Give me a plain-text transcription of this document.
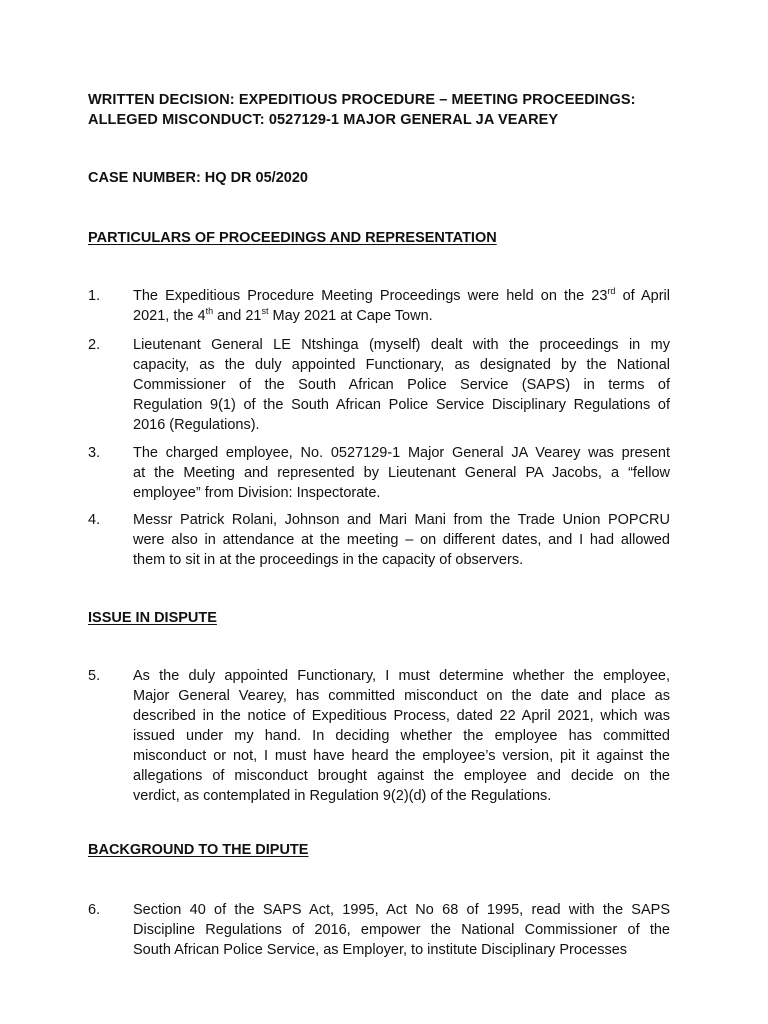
WRITTEN DECISION: EXPEDITIOUS PROCEDURE – MEETING PROCEEDINGS:
ALLEGED MISCONDUCT: 0527129-1 MAJOR GENERAL JA VEAREY
CASE NUMBER: HQ DR 05/2020
PARTICULARS OF PROCEEDINGS AND REPRESENTATION
1.	The Expeditious Procedure Meeting Proceedings were held on the 23rd of April
2021, the 4th and 21st May 2021 at Cape Town.
2.	Lieutenant General LE Ntshinga (myself) dealt with the proceedings in my
capacity, as the duly appointed Functionary, as designated by the National
Commissioner of the South African Police Service (SAPS) in terms of
Regulation 9(1) of the South African Police Service Disciplinary Regulations of
2016 (Regulations).
3.	The charged employee, No. 0527129-1 Major General JA Vearey was present
at the Meeting and represented by Lieutenant General PA Jacobs, a “fellow
employee” from Division: Inspectorate.
4.	Messr Patrick Rolani, Johnson and Mari Mani from the Trade Union POPCRU
were also in attendance at the meeting – on different dates, and I had allowed
them to sit in at the proceedings in the capacity of observers.
ISSUE IN DISPUTE
5.	As the duly appointed Functionary, I must determine whether the employee,
Major General Vearey, has committed misconduct on the date and place as
described in the notice of Expeditious Process, dated 22 April 2021, which was
issued under my hand. In deciding whether the employee has committed
misconduct or not, I must have heard the employee’s version, pit it against the
allegations of misconduct brought against the employee and decide on the
verdict, as contemplated in Regulation 9(2)(d) of the Regulations.
BACKGROUND TO THE DIPUTE
6.	Section 40 of the SAPS Act, 1995, Act No 68 of 1995, read with the SAPS
Discipline Regulations of 2016, empower the National Commissioner of the
South African Police Service, as Employer, to institute Disciplinary Processes
